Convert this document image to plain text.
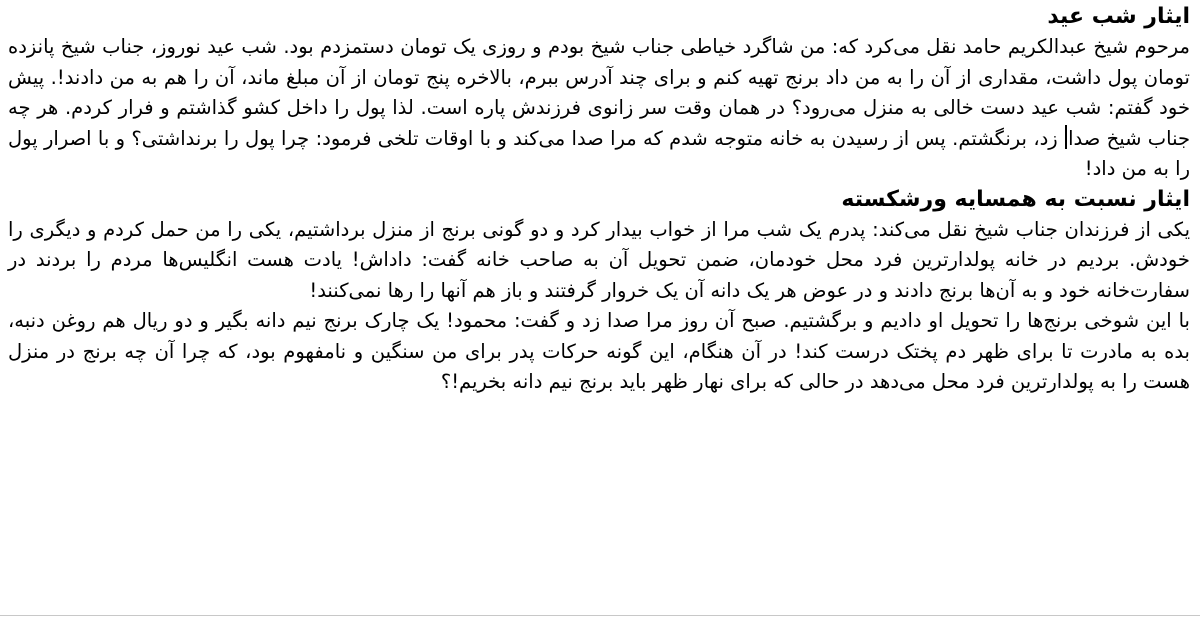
ایثار شب عید

مرحوم شیخ عبدالکریم حامد نقل می‌کرد که: من شاگرد خیاطی جناب شیخ بودم و روزی یک تومان دستمزدم بود. شب عید نوروز، جناب شیخ پانزده تومان پول داشت، مقداری از آن را به من داد برنج تهیه کنم و برای چند آدرس ببرم، بالاخره پنج تومان از آن مبلغ ماند، آن را هم به من دادند!. پیش خود گفتم: شب عید دست خالی به منزل می‌رود؟ در همان وقت سر زانوی فرزندش پاره است. لذا پول را داخل کشو گذاشتم و فرار کردم. هر چه جناب شیخ صدا زد، برنگشتم. پس از رسیدن به خانه متوجه شدم که مرا صدا می‌کند و با اوقات تلخی فرمود: چرا پول را برنداشتی؟ و با اصرار پول را به من داد!

ایثار نسبت به همسایه ورشکسته

یکی از فرزندان جناب شیخ نقل می‌کند: پدرم یک شب مرا از خواب بیدار کرد و دو گونی برنج از منزل برداشتیم، یکی را من حمل کردم و دیگری را خودش. بردیم در خانه پولدارترین فرد محل خودمان، ضمن تحویل آن به صاحب خانه گفت: داداش! یادت هست انگلیس‌ها مردم را بردند در سفارت‌خانه خود و به آن‌ها برنج دادند و در عوض هر یک دانه آن یک خروار گرفتند و باز هم آنها را رها نمی‌کنند!

با این شوخی برنج‌ها را تحویل او دادیم و برگشتیم. صبح آن روز مرا صدا زد و گفت: محمود! یک چارک برنج نیم دانه بگیر و دو ریال هم روغن دنبه، بده به مادرت تا برای ظهر دم پختک درست کند! در آن هنگام، این گونه حرکات پدر برای من سنگین و نامفهوم بود، که چرا آن چه برنج در منزل هست را به پولدارترین فرد محل می‌دهد در حالی که برای نهار ظهر باید برنج نیم دانه بخریم!؟
